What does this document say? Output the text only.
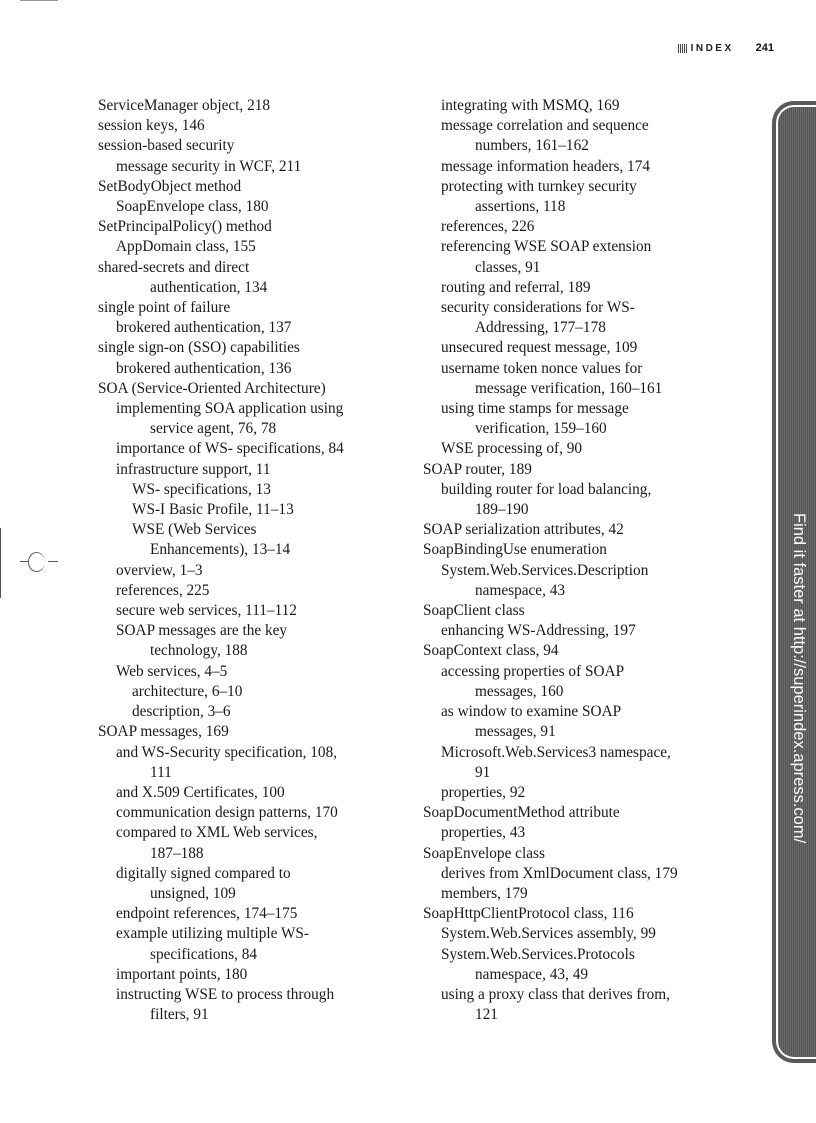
INDEX 241

ServiceManager object, 218

session keys, 146

session-based security

message security in WCF, 211

SetBodyObject method

SoapEnvelope class, 180

SetPrincipalPolicy() method

AppDomain class, 155

shared-secrets and direct

authentication, 134

single point of failure

brokered authentication, 137

single sign-on (SSO) capabilities

brokered authentication, 136

SOA (Service-Oriented Architecture)

implementing SOA application using

service agent, 76, 78

importance of WS- specifications, 84

infrastructure support, 11

WS- specifications, 13

WS-I Basic Profile, 11–13

WSE (Web Services

Enhancements), 13–14

overview, 1–3

references, 225

secure web services, 111–112

SOAP messages are the key

technology, 188

Web services, 4–5

architecture, 6–10

description, 3–6

SOAP messages, 169

and WS-Security specification, 108,

111

and X.509 Certificates, 100

communication design patterns, 170

compared to XML Web services,

187–188

digitally signed compared to

unsigned, 109

endpoint references, 174–175

example utilizing multiple WS-

specifications, 84

important points, 180

instructing WSE to process through

filters, 91

integrating with MSMQ, 169

message correlation and sequence

numbers, 161–162

message information headers, 174

protecting with turnkey security

assertions, 118

references, 226

referencing WSE SOAP extension

classes, 91

routing and referral, 189

security considerations for WS-

Addressing, 177–178

unsecured request message, 109

username token nonce values for

message verification, 160–161

using time stamps for message

verification, 159–160

WSE processing of, 90

SOAP router, 189

building router for load balancing,

189–190

SOAP serialization attributes, 42

SoapBindingUse enumeration

System.Web.Services.Description

namespace, 43

SoapClient class

enhancing WS-Addressing, 197

SoapContext class, 94

accessing properties of SOAP

messages, 160

as window to examine SOAP

messages, 91

Microsoft.Web.Services3 namespace,

91

properties, 92

SoapDocumentMethod attribute

properties, 43

SoapEnvelope class

derives from XmlDocument class, 179

members, 179

SoapHttpClientProtocol class, 116

System.Web.Services assembly, 99

System.Web.Services.Protocols

namespace, 43, 49

using a proxy class that derives from,

121

Find it faster at http://superindex.apress.com/
